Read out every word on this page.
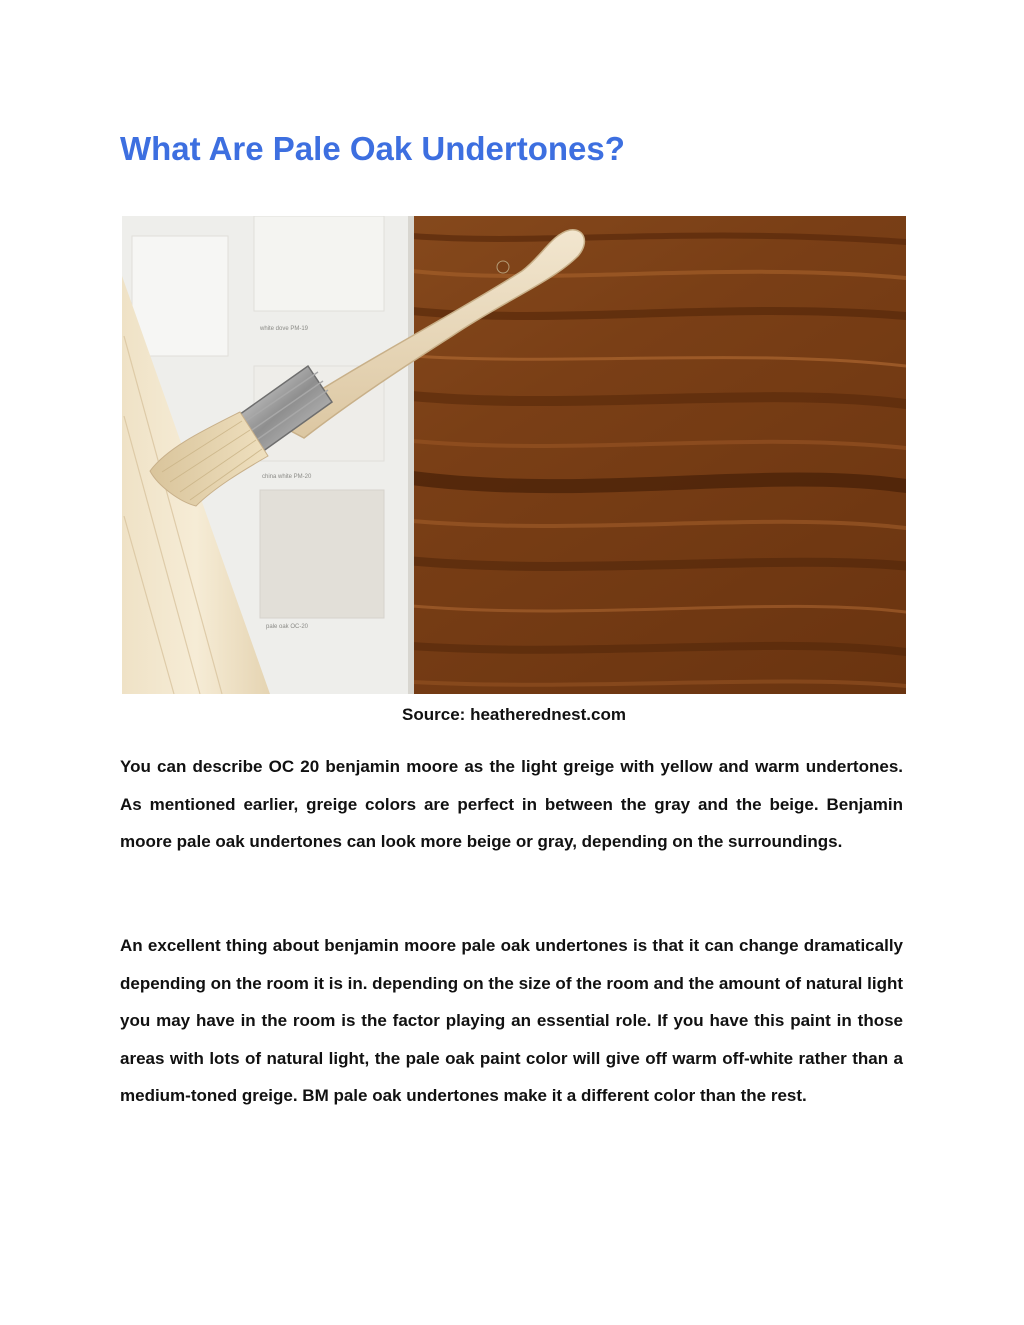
What Are Pale Oak Undertones?
white dove PM-19
china white PM-20
pale oak OC-20

Source: heatherednest.com

You can describe OC 20 benjamin moore as the light greige with yellow and warm undertones. As mentioned earlier, greige colors are perfect in between the gray and the beige. Benjamin moore pale oak undertones can look more beige or gray, depending on the surroundings.

An excellent thing about benjamin moore pale oak undertones is that it can change dramatically depending on the room it is in. depending on the size of the room and the amount of natural light you may have in the room is the factor playing an essential role. If you have this paint in those areas with lots of natural light, the pale oak paint color will give off warm off-white rather than a medium-toned greige. BM pale oak undertones make it a different color than the rest.
